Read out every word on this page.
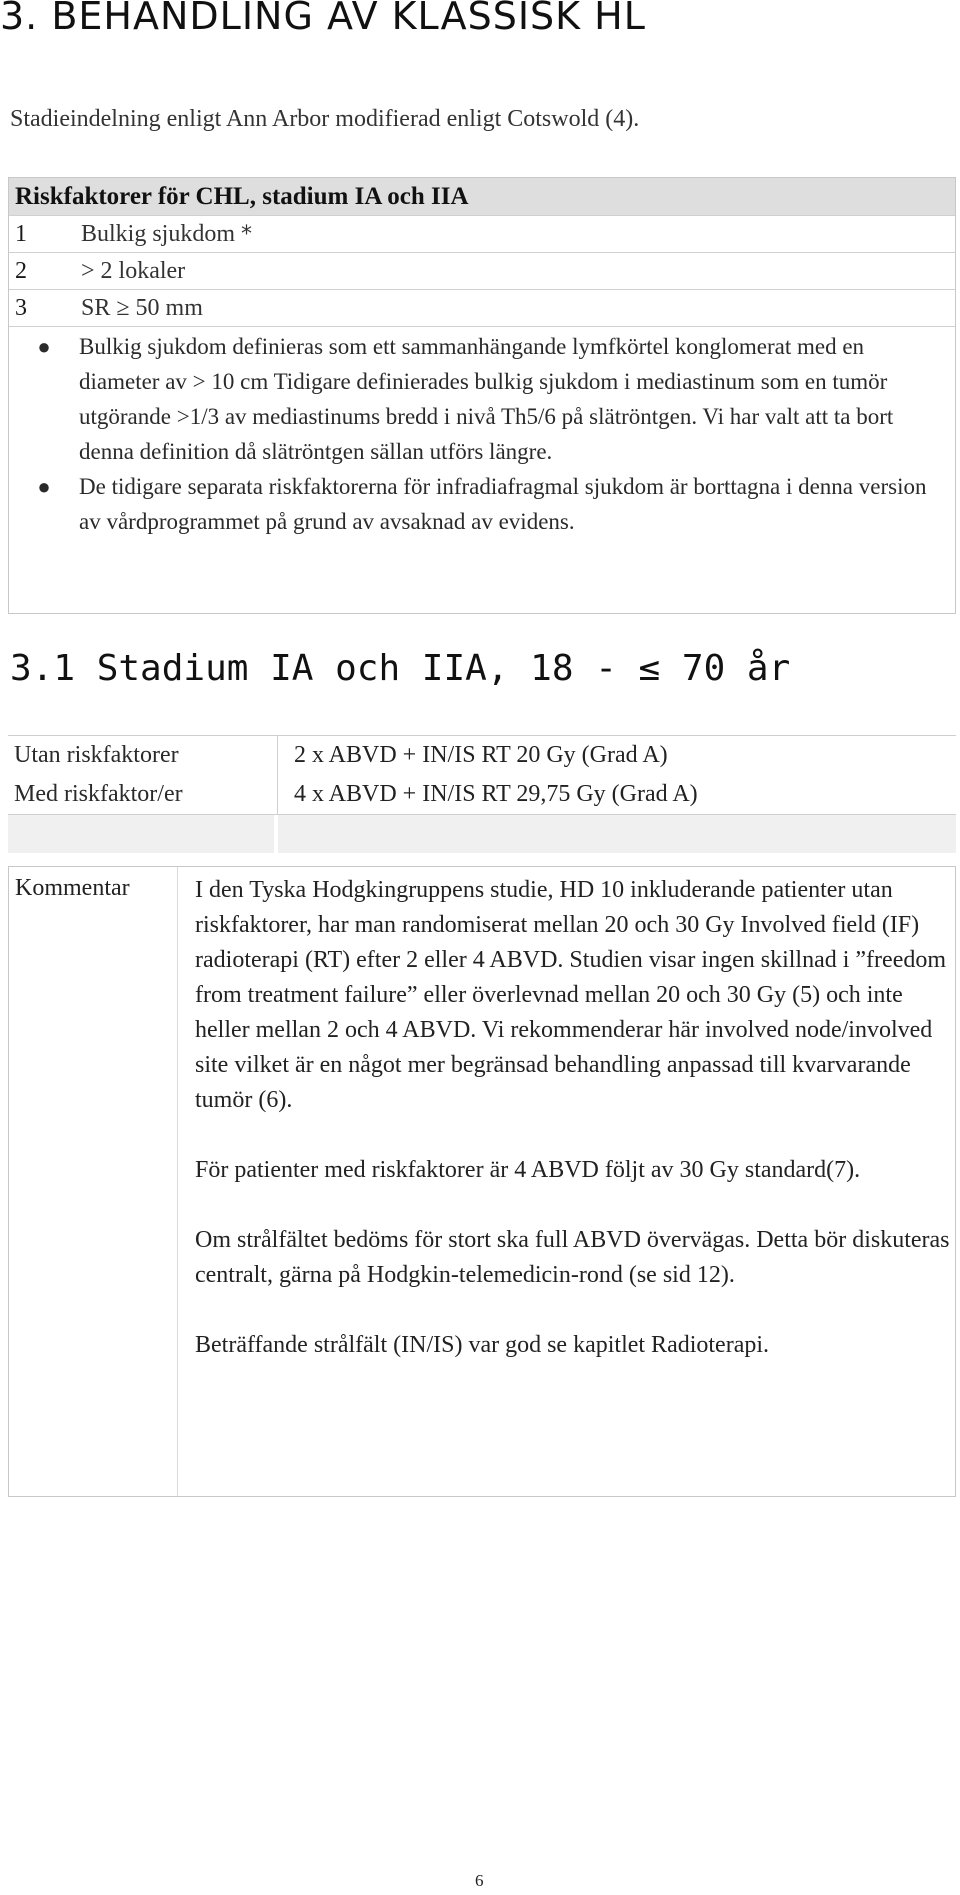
3. BEHANDLING AV KLASSISK HL
Stadieindelning enligt Ann Arbor modifierad enligt Cotswold (4).
Riskfaktorer för CHL, stadium IA och IIA
1	Bulkig sjukdom *
2	> 2 lokaler
3	SR ≥ 50 mm
●	Bulkig sjukdom definieras som ett sammanhängande lymfkörtel konglomerat med en diameter av > 10 cm Tidigare definierades bulkig sjukdom i mediastinum som en tumör utgörande >1/3 av mediastinums bredd i nivå Th5/6 på slätröntgen. Vi har valt att ta bort denna definition då slätröntgen sällan utförs längre.
●	De tidigare separata riskfaktorerna för infradiafragmal sjukdom är borttagna i denna version av vårdprogrammet på grund av avsaknad av evidens.
3.1 Stadium IA och IIA, 18 - ≤ 70 år
Utan riskfaktorer	2 x ABVD + IN/IS RT 20 Gy (Grad A)
Med riskfaktor/er	4 x ABVD + IN/IS RT 29,75 Gy (Grad A)
Kommentar	I den Tyska Hodgkingruppens studie, HD 10 inkluderande patienter utan riskfaktorer, har man randomiserat mellan 20 och 30 Gy Involved field (IF) radioterapi (RT) efter 2 eller 4 ABVD. Studien visar ingen skillnad i ”freedom from treatment failure” eller överlevnad mellan 20 och 30 Gy (5) och inte heller mellan 2 och 4 ABVD. Vi rekommenderar här involved node/involved site vilket är en något mer begränsad behandling anpassad till kvarvarande tumör (6).

För patienter med riskfaktorer är 4 ABVD följt av 30 Gy standard(7).

Om strålfältet bedöms för stort ska full ABVD övervägas. Detta bör diskuteras centralt, gärna på Hodgkin-telemedicin-rond (se sid 12).

Beträffande strålfält (IN/IS) var god se kapitlet Radioterapi.

6
